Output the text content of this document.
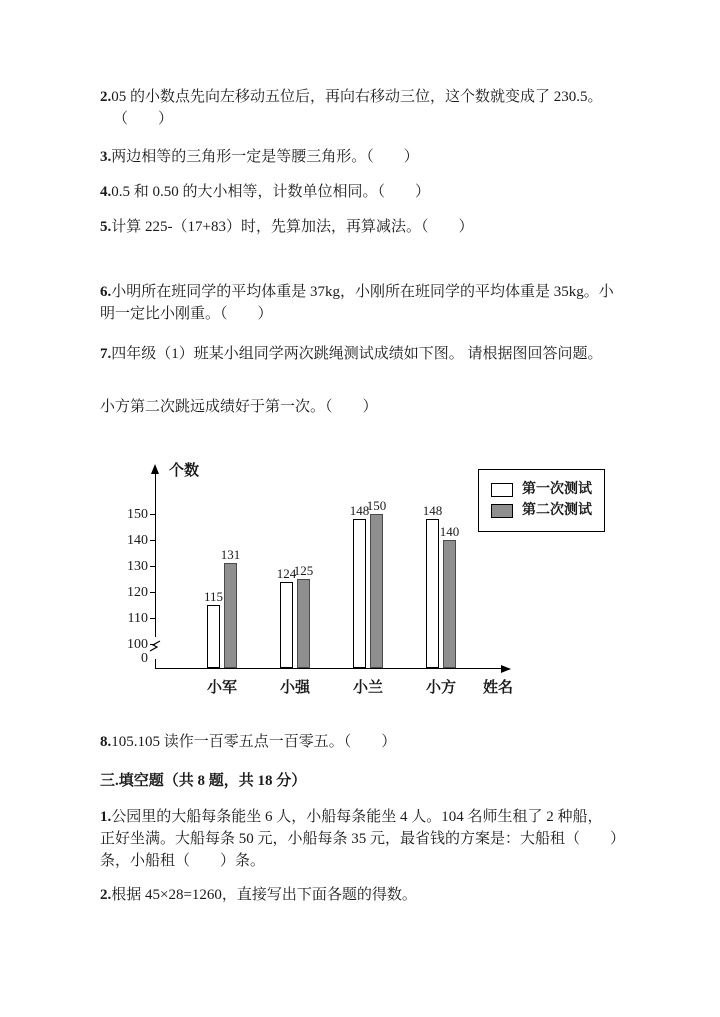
2.05 的小数点先向左移动五位后，再向右移动三位，这个数就变成了 230.5。
（　　）

3.两边相等的三角形一定是等腰三角形。（　　）

4.0.5 和 0.50 的大小相等，计数单位相同。（　　）

5.计算 225-（17+83）时，先算加法，再算减法。（　　）

6.小明所在班同学的平均体重是 37kg，小刚所在班同学的平均体重是 35kg。小
明一定比小刚重。（　　）

7.四年级（1）班某小组同学两次跳绳测试成绩如下图。 请根据图回答问题。

小方第二次跳远成绩好于第一次。（　　）

个数
姓名
150
140
130
120
110
100
0
115
131
小军
124
125
小强
148
150
小兰
148
140
小方
第一次测试
第二次测试

8.105.105 读作一百零五点一百零五。（　　）

三.填空题（共 8 题，共 18 分）

1.公园里的大船每条能坐 6 人，小船每条能坐 4 人。104 名师生租了 2 种船，
正好坐满。大船每条 50 元，小船每条 35 元，最省钱的方案是：大船租（　　）
条，小船租（　　）条。

2.根据 45×28=1260，直接写出下面各题的得数。
